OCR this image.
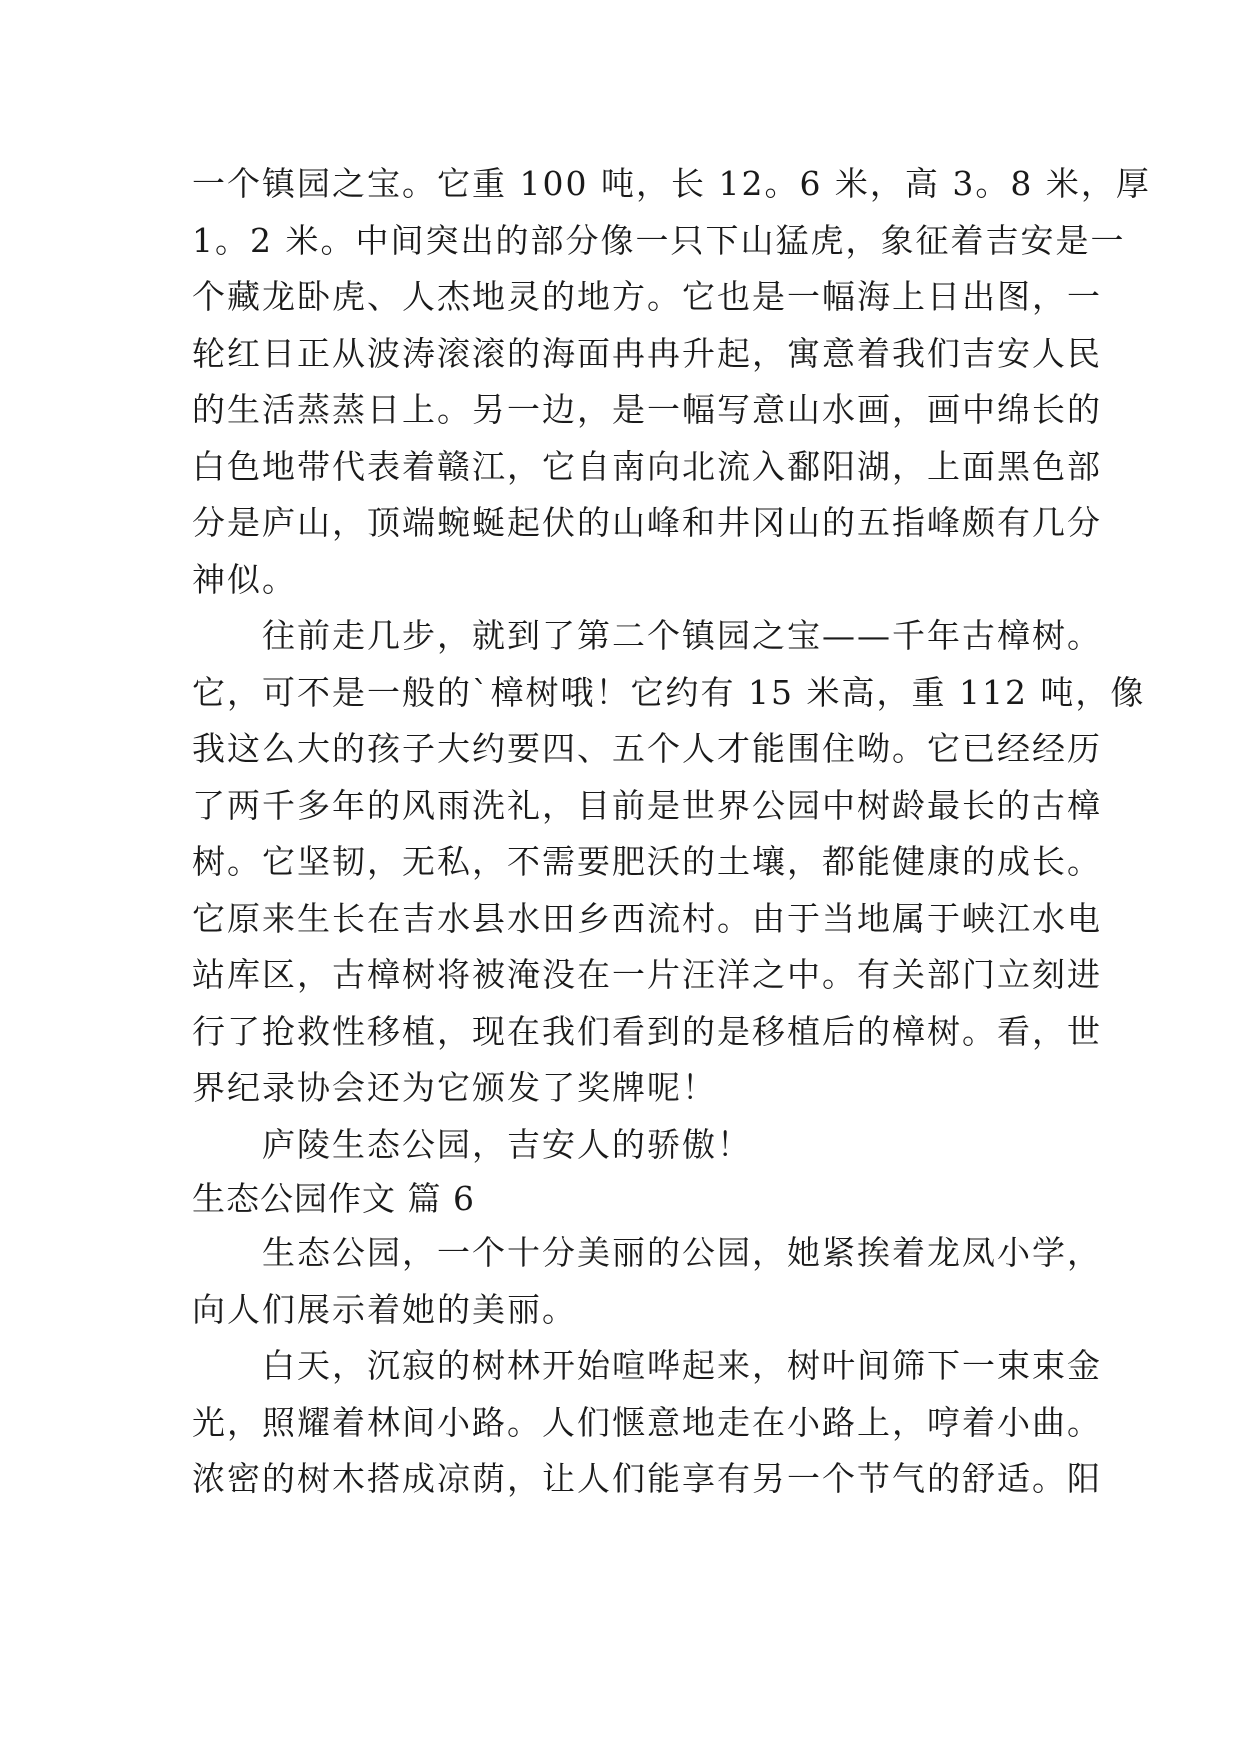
一个镇园之宝。它重 100 吨，长 12。6 米，高 3。8 米，厚
1。2 米。中间突出的部分像一只下山猛虎，象征着吉安是一
个藏龙卧虎、人杰地灵的地方。它也是一幅海上日出图，一
轮红日正从波涛滚滚的海面冉冉升起，寓意着我们吉安人民
的生活蒸蒸日上。另一边，是一幅写意山水画，画中绵长的
白色地带代表着赣江，它自南向北流入鄱阳湖，上面黑色部
分是庐山，顶端蜿蜒起伏的山峰和井冈山的五指峰颇有几分
神似。
往前走几步，就到了第二个镇园之宝——千年古樟树。
它，可不是一般的`樟树哦！它约有 15 米高，重 112 吨，像
我这么大的孩子大约要四、五个人才能围住呦。它已经经历
了两千多年的风雨洗礼，目前是世界公园中树龄最长的古樟
树。它坚韧，无私，不需要肥沃的土壤，都能健康的成长。
它原来生长在吉水县水田乡西流村。由于当地属于峡江水电
站库区，古樟树将被淹没在一片汪洋之中。有关部门立刻进
行了抢救性移植，现在我们看到的是移植后的樟树。看，世
界纪录协会还为它颁发了奖牌呢！
庐陵生态公园，吉安人的骄傲！
生态公园作文 篇 6
生态公园，一个十分美丽的公园，她紧挨着龙凤小学，
向人们展示着她的美丽。
白天，沉寂的树林开始喧哗起来，树叶间筛下一束束金
光，照耀着林间小路。人们惬意地走在小路上，哼着小曲。
浓密的树木搭成凉荫，让人们能享有另一个节气的舒适。阳
